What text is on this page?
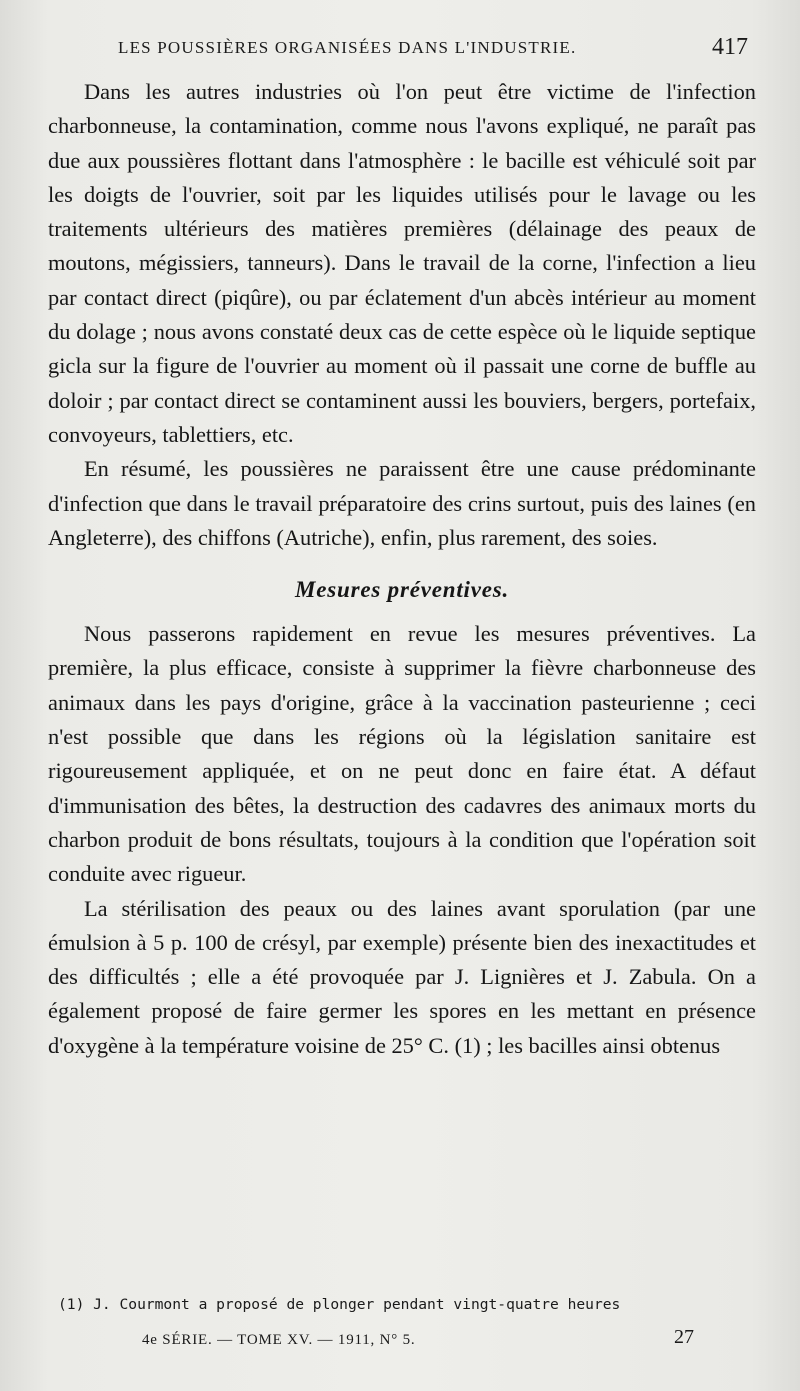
LES POUSSIÈRES ORGANISÉES DANS L'INDUSTRIE.	417

Dans les autres industries où l'on peut être victime de l'infection charbonneuse, la contamination, comme nous l'avons expliqué, ne paraît pas due aux poussières flottant dans l'atmosphère : le bacille est véhiculé soit par les doigts de l'ouvrier, soit par les liquides utilisés pour le lavage ou les traitements ultérieurs des matières premières (délainage des peaux de moutons, mégissiers, tanneurs). Dans le travail de la corne, l'infection a lieu par contact direct (piqûre), ou par éclatement d'un abcès intérieur au moment du dolage ; nous avons constaté deux cas de cette espèce où le liquide septique gicla sur la figure de l'ouvrier au moment où il passait une corne de buffle au doloir ; par contact direct se contaminent aussi les bouviers, bergers, portefaix, convoyeurs, tablettiers, etc.

En résumé, les poussières ne paraissent être une cause prédominante d'infection que dans le travail préparatoire des crins surtout, puis des laines (en Angleterre), des chiffons (Autriche), enfin, plus rarement, des soies.

Mesures préventives.

Nous passerons rapidement en revue les mesures préventives. La première, la plus efficace, consiste à supprimer la fièvre charbonneuse des animaux dans les pays d'origine, grâce à la vaccination pasteurienne ; ceci n'est possible que dans les régions où la législation sanitaire est rigoureusement appliquée, et on ne peut donc en faire état. A défaut d'immunisation des bêtes, la destruction des cadavres des animaux morts du charbon produit de bons résultats, toujours à la condition que l'opération soit conduite avec rigueur.

La stérilisation des peaux ou des laines avant sporulation (par une émulsion à 5 p. 100 de crésyl, par exemple) présente bien des inexactitudes et des difficultés ; elle a été provoquée par J. Lignières et J. Zabula. On a également proposé de faire germer les spores en les mettant en présence d'oxygène à la température voisine de 25° C. (1) ; les bacilles ainsi obtenus

(1) J. Courmont a proposé de plonger pendant vingt-quatre heures
4e SÉRIE. — TOME XV. — 1911, N° 5.	27
